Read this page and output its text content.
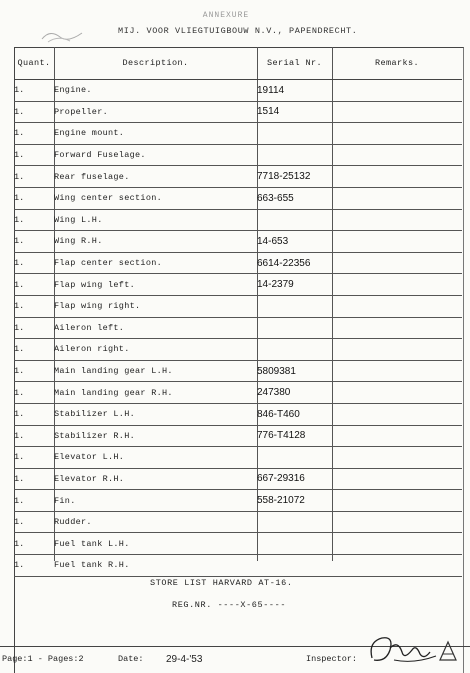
ANNEXURE
MIJ. VOOR VLIEGTUIGBOUW N.V., PAPENDRECHT.
Quant.	Description.	Serial Nr.	Remarks.
1.	Engine.	19114	
1.	Propeller.	1514	
1.	Engine mount.		
1.	Forward Fuselage.		
1.	Rear fuselage.	7718-25132	
1.	Wing center section.	663-655	
1.	Wing L.H.		
1.	Wing R.H.	14-653	
1.	Flap center section.	6614-22356	
1.	Flap wing left.	14-2379	
1.	Flap wing right.		
1.	Aileron left.		
1.	Aileron right.		
1.	Main landing gear L.H.	5809381	
1.	Main landing gear R.H.	247380	
1.	Stabilizer L.H.	846-T460	
1.	Stabilizer R.H.	776-T4128	
1.	Elevator L.H.		
1.	Elevator R.H.	667-29316	
1.	Fin.	558-21072	
1.	Rudder.		
1.	Fuel tank L.H.		
1.	Fuel tank R.H.		
STORE LIST HARVARD AT-16.
REG.NR. ----X-65----
Page:1 - Pages:2	Date: 29-4-'53	Inspector:
